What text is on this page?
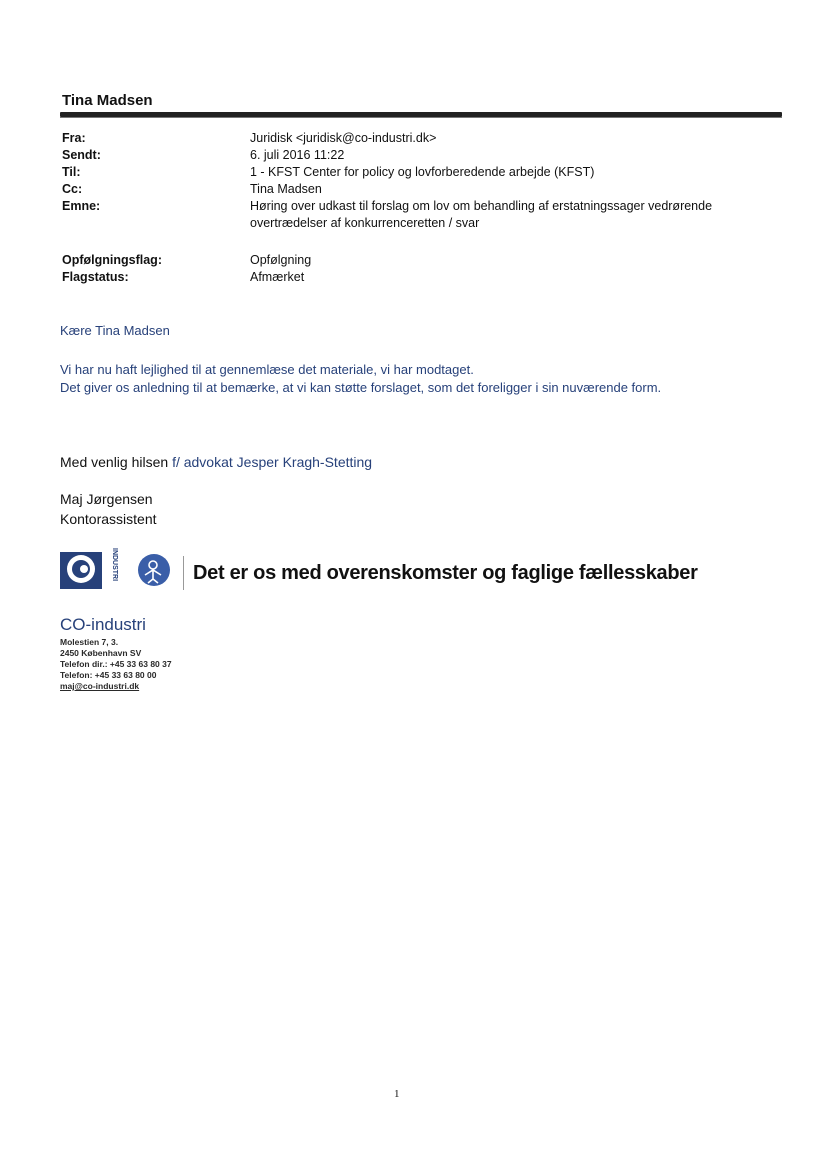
Tina Madsen
Fra:	Juridisk <juridisk@co-industri.dk>
Sendt:	6. juli 2016 11:22
Til:	1 - KFST Center for policy og lovforberedende arbejde (KFST)
Cc:	Tina Madsen
Emne:	Høring over udkast til forslag om lov om behandling af erstatningssager vedrørende overtrædelser af konkurrenceretten / svar
Opfølgningsflag:	Opfølgning
Flagstatus:	Afmærket
Kære Tina Madsen
Vi har nu haft lejlighed til at gennemlæse det materiale, vi har modtaget.
Det giver os anledning til at bemærke, at vi kan støtte forslaget, som det foreligger i sin nuværende form.
Med venlig hilsen f/ advokat Jesper Kragh-Stetting
Maj Jørgensen
Kontorassistent
INDUSTRI	Det er os med overenskomster og faglige fællesskaber
CO-industri
Molestien 7, 3.
2450 København SV
Telefon dir.: +45 33 63 80 37
Telefon: +45 33 63 80 00
maj@co-industri.dk
1
